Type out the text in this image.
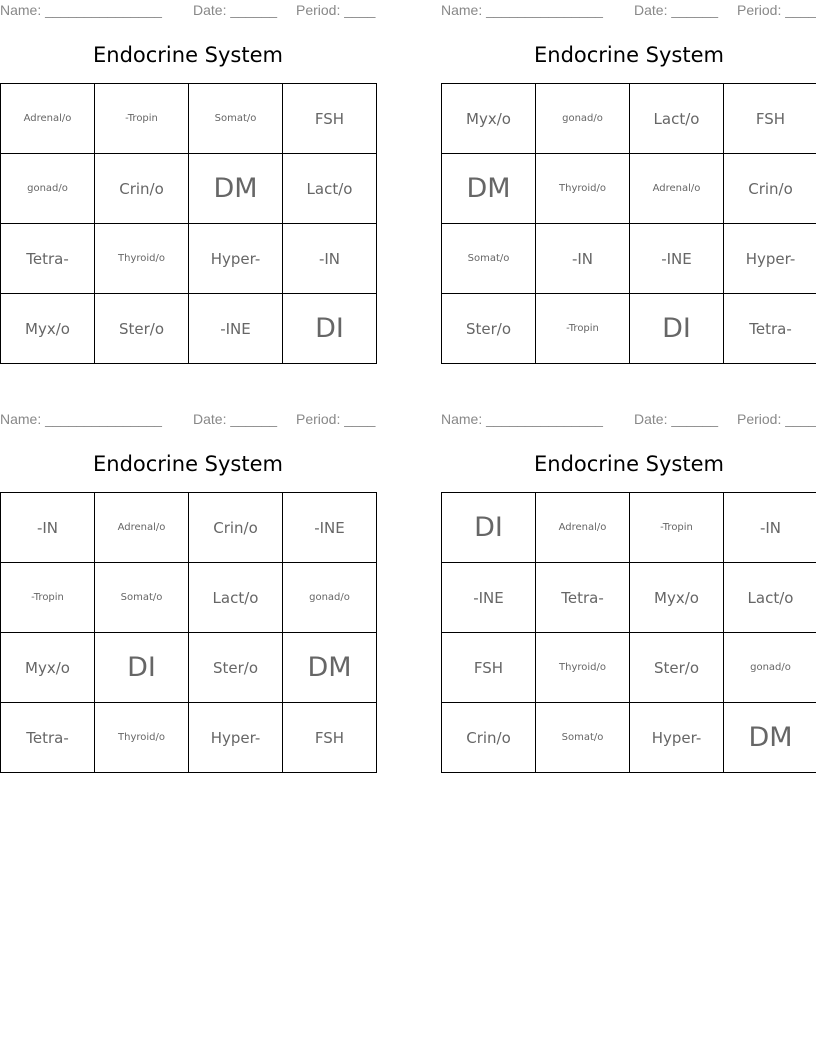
Name: _______________ Date: ______ Period: ____
Endocrine System
Adrenal/o	-Tropin	Somat/o	FSH
gonad/o	Crin/o	DM	Lact/o
Tetra-	Thyroid/o	Hyper-	-IN
Myx/o	Ster/o	-INE	DI
Name: _______________ Date: ______ Period: ____
Endocrine System
Myx/o	gonad/o	Lact/o	FSH
DM	Thyroid/o	Adrenal/o	Crin/o
Somat/o	-IN	-INE	Hyper-
Ster/o	-Tropin	DI	Tetra-
Name: _______________ Date: ______ Period: ____
Endocrine System
-IN	Adrenal/o	Crin/o	-INE
-Tropin	Somat/o	Lact/o	gonad/o
Myx/o	DI	Ster/o	DM
Tetra-	Thyroid/o	Hyper-	FSH
Name: _______________ Date: ______ Period: ____
Endocrine System
DI	Adrenal/o	-Tropin	-IN
-INE	Tetra-	Myx/o	Lact/o
FSH	Thyroid/o	Ster/o	gonad/o
Crin/o	Somat/o	Hyper-	DM
